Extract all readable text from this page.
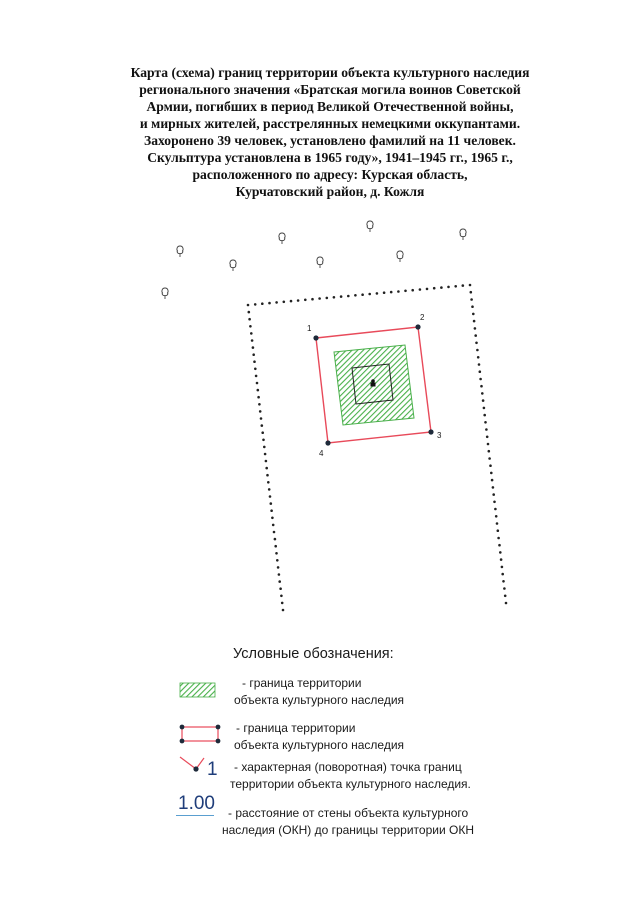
Карта (схема) границ территории объекта культурного наследия
регионального значения «Братская могила воинов Советской
Армии, погибших в период Великой Отечественной войны,
и мирных жителей, расстрелянных немецкими оккупантами.
Захоронено 39 человек, установлено фамилий на 11 человек.
Скульптура установлена в 1965 году», 1941–1945 гг., 1965 г.,
расположенного по адресу: Курская область,
Курчатовский район, д. Кожля
1
2
3
4
1
Условные обозначения:
- граница территории
объекта культурного наследия
- граница территории
объекта культурного наследия
- характерная (поворотная) точка границ
территории объекта культурного наследия.
1.00	- расстояние от стены объекта культурного
наследия (ОКН) до границы территории ОКН
